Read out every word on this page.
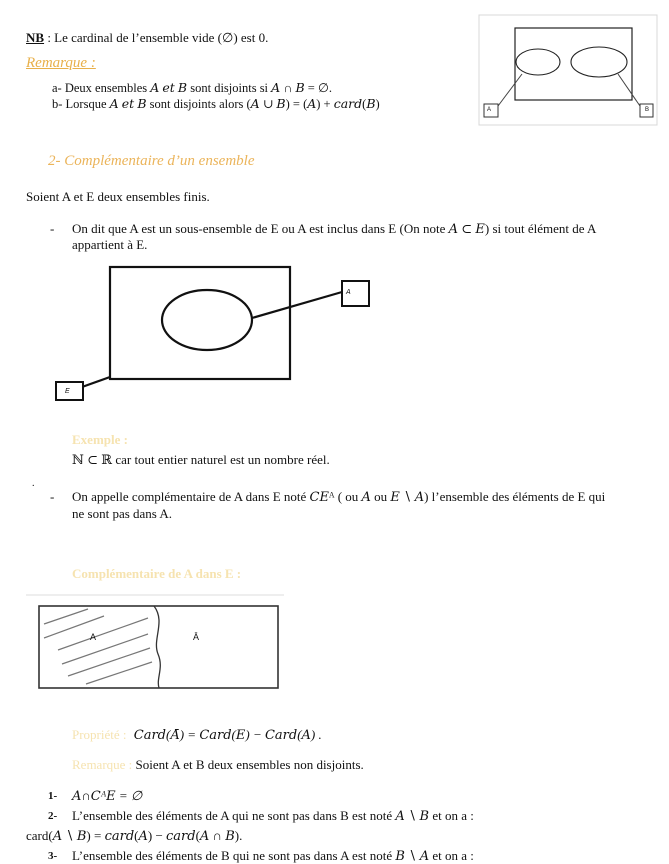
NB : Le cardinal de l’ensemble vide (∅) est 0.
Remarque :
a- Deux ensembles 𝐴 𝑒𝑡 𝐵 sont disjoints si 𝐴 ∩ 𝐵 = ∅.
b- Lorsque 𝐴 𝑒𝑡 𝐵 sont disjoints alors (𝐴 ∪ 𝐵) = (𝐴) + 𝑐𝑎𝑟𝑑(𝐵)	A	B
2- Complémentaire d’un ensemble
Soient A et E deux ensembles finis.
- On dit que A est un sous-ensemble de E ou A est inclus dans E (On note 𝐴 ⊂ 𝐸) si tout élément de A
appartient à E.
A
E
Exemple :
ℕ ⊂ ℝ car tout entier naturel est un nombre réel.
.
- On appelle complémentaire de A dans E noté 𝐶𝐸ᴬ ( ou 𝐴 ou 𝐸 ∖ 𝐴) l’ensemble des éléments de E qui
ne sont pas dans A.
Complémentaire de A dans E :
A	Ā
Propriété : 𝐶𝑎𝑟𝑑(𝐴̄) = 𝐶𝑎𝑟𝑑(𝐸) − 𝐶𝑎𝑟𝑑(𝐴) .
Remarque : Soient A et B deux ensembles non disjoints.
1- 𝐴∩𝐶ᴬ𝐸 = ∅
2- L’ensemble des éléments de A qui ne sont pas dans B est noté 𝐴 ∖ 𝐵 et on a :
card(𝐴 ∖ 𝐵) = 𝑐𝑎𝑟𝑑(𝐴) − 𝑐𝑎𝑟𝑑(𝐴 ∩ 𝐵).
3- L’ensemble des éléments de B qui ne sont pas dans A est noté 𝐵 ∖ 𝐴 et on a :
